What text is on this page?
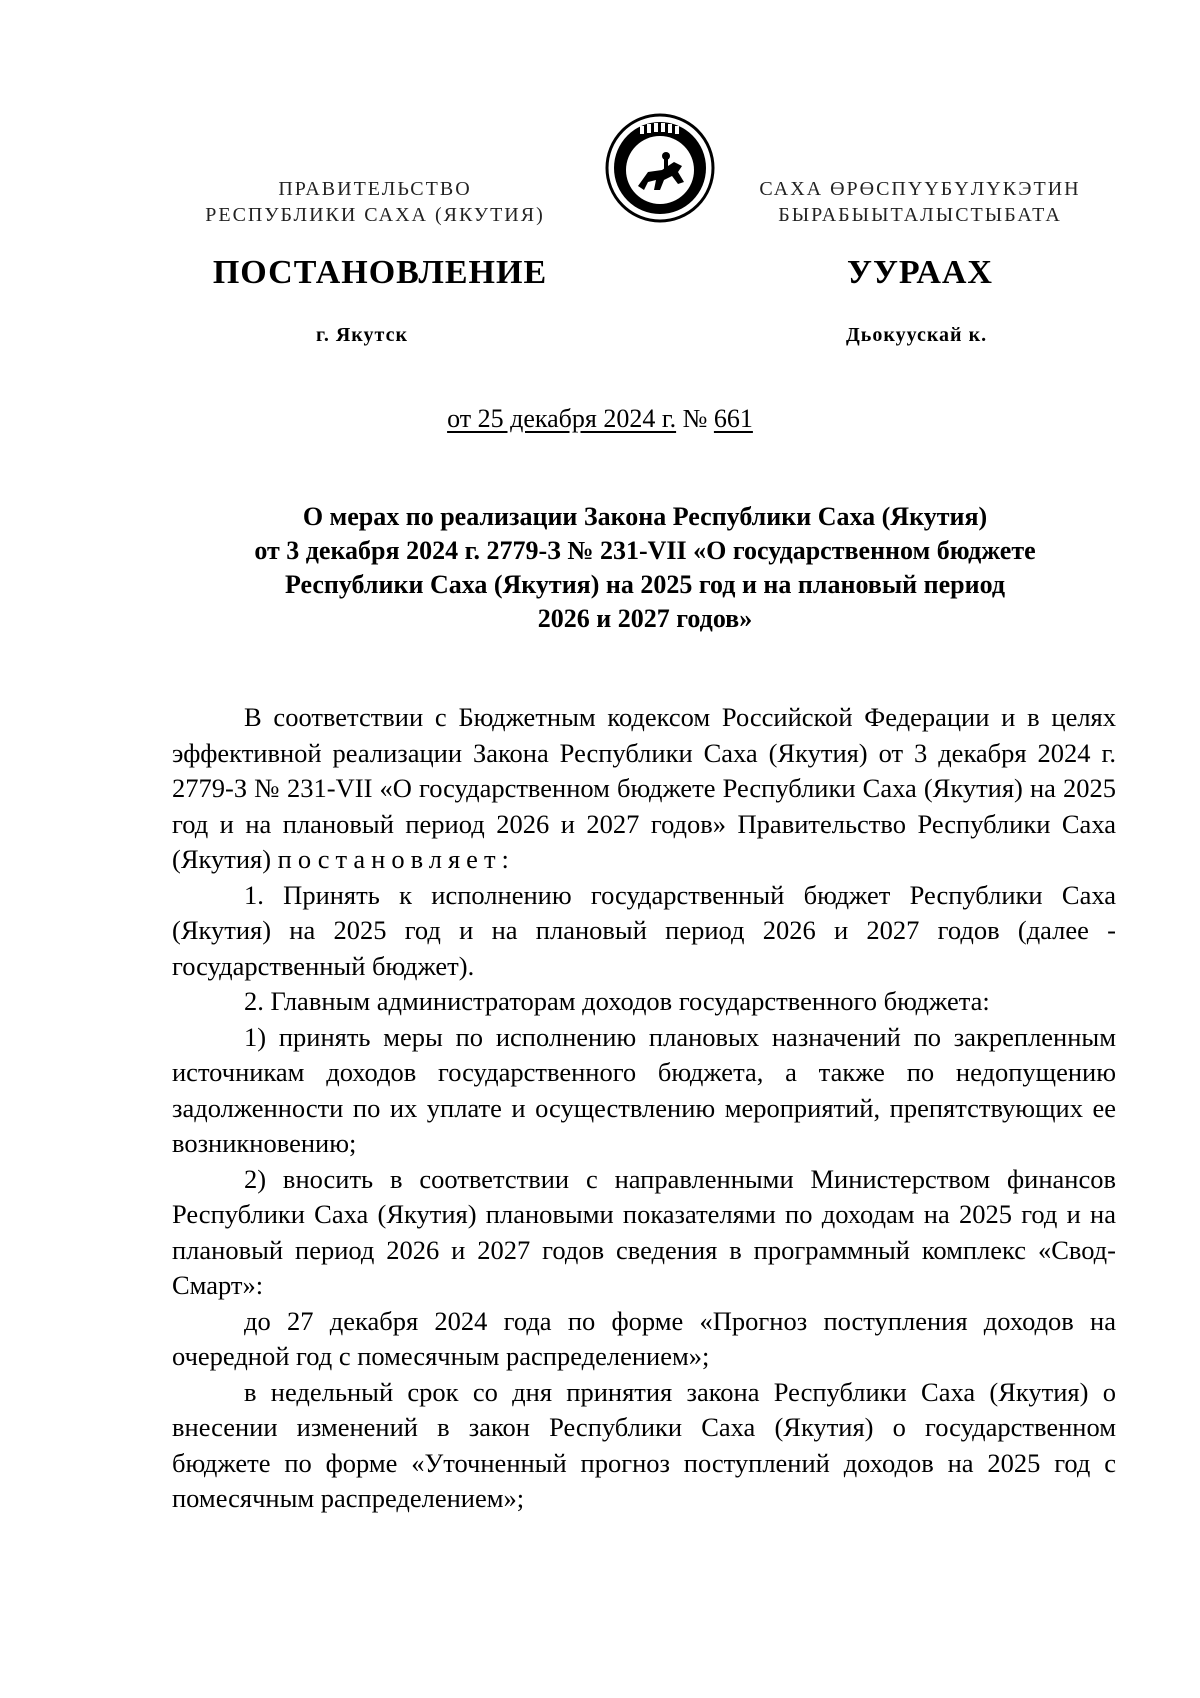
ПРАВИТЕЛЬСТВО
РЕСПУБЛИКИ САХА (ЯКУТИЯ)
САХА ӨРӨСПҮҮБҮЛҮКЭТИН
БЫРАБЫЫТАЛЫСТЫБАТА
ПОСТАНОВЛЕНИЕ	УУРААХ
г. Якутск	Дьокуускай к.
от 25 декабря 2024 г. № 661
О мерах по реализации Закона Республики Саха (Якутия)
от 3 декабря 2024 г. 2779-З № 231-VII «О государственном бюджете
Республики Саха (Якутия) на 2025 год и на плановый период
2026 и 2027 годов»

В соответствии с Бюджетным кодексом Российской Федерации и в целях эффективной реализации Закона Республики Саха (Якутия) от 3 декабря 2024 г. 2779-З № 231-VII «О государственном бюджете Республики Саха (Якутия) на 2025 год и на плановый период 2026 и 2027 годов» Правительство Республики Саха (Якутия) постановляет:

1. Принять к исполнению государственный бюджет Республики Саха (Якутия) на 2025 год и на плановый период 2026 и 2027 годов (далее - государственный бюджет).

2. Главным администраторам доходов государственного бюджета:

1) принять меры по исполнению плановых назначений по закрепленным источникам доходов государственного бюджета, а также по недопущению задолженности по их уплате и осуществлению мероприятий, препятствующих ее возникновению;

2) вносить в соответствии с направленными Министерством финансов Республики Саха (Якутия) плановыми показателями по доходам на 2025 год и на плановый период 2026 и 2027 годов сведения в программный комплекс «Свод-Смарт»:

до 27 декабря 2024 года по форме «Прогноз поступления доходов на очередной год с помесячным распределением»;

в недельный срок со дня принятия закона Республики Саха (Якутия) о внесении изменений в закон Республики Саха (Якутия) о государственном бюджете по форме «Уточненный прогноз поступлений доходов на 2025 год с помесячным распределением»;
